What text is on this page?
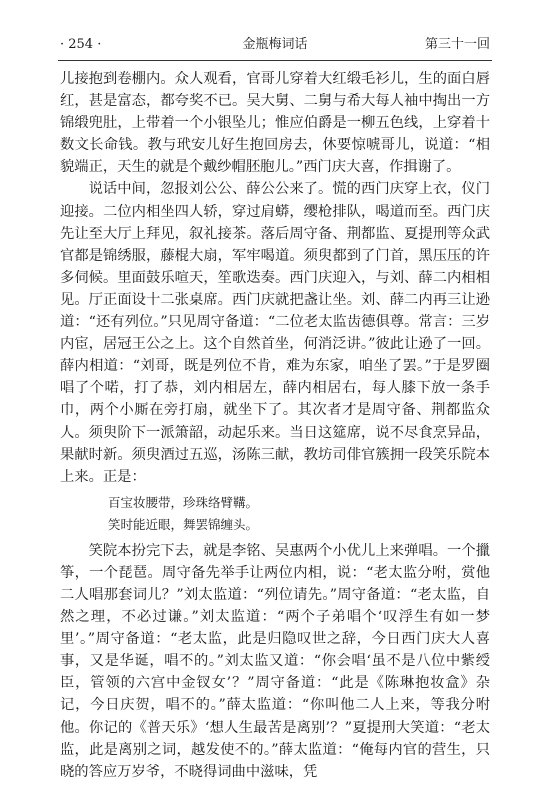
· 254 ·	金瓶梅词话	第三十一回

儿接抱到卷棚内。众人观看，官哥儿穿着大红缎毛衫儿，生的面白唇红，甚是富态，都夸奖不已。吴大舅、二舅与希大每人袖中掏出一方锦缎兜肚，上带着一个小银坠儿；惟应伯爵是一柳五色线，上穿着十数文长命钱。教与玳安儿好生抱回房去，休要惊唬哥儿，说道：“相貌端正，天生的就是个戴纱帽胚胞儿。”西门庆大喜，作揖谢了。

说话中间，忽报刘公公、薛公公来了。慌的西门庆穿上衣，仪门迎接。二位内相坐四人轿，穿过肩蟒，缨枪排队，喝道而至。西门庆先让至大厅上拜见，叙礼接茶。落后周守备、荆都监、夏提刑等众武官都是锦绣服，藤棍大扇，军牢喝道。须臾都到了门首，黑压压的许多伺候。里面鼓乐喧天，笙歌迭奏。西门庆迎入，与刘、薛二内相相见。厅正面设十二张桌席。西门庆就把盏让坐。刘、薛二内再三让逊道：“还有列位。”只见周守备道：“二位老太监齿德俱尊。常言：三岁内宦，居冠王公之上。这个自然首坐，何消泛讲。”彼此让逊了一回。薛内相道：“刘哥，既是列位不肯，难为东家，咱坐了罢。”于是罗圈唱了个喏，打了恭，刘内相居左，薛内相居右，每人膝下放一条手巾，两个小厮在旁打扇，就坐下了。其次者才是周守备、荆都监众人。须臾阶下一派箫韶，动起乐来。当日这筵席，说不尽食烹异品，果献时新。须臾酒过五巡，汤陈三献，教坊司俳官簇拥一段笑乐院本上来。正是：

百宝妆腰带，珍珠络臂鞲。
笑时能近眼，舞罢锦缠头。

笑院本扮完下去，就是李铭、吴惠两个小优儿上来弹唱。一个擸筝，一个琵琶。周守备先举手让两位内相，说：“老太监分咐，赏他二人唱那套词儿？”刘太监道：“列位请先。”周守备道：“老太监，自然之理，不必过谦。”刘太监道：“两个子弟唱个‘叹浮生有如一梦里’。”周守备道：“老太监，此是归隐叹世之辞，今日西门庆大人喜事，又是华诞，唱不的。”刘太监又道：“你会唱‘虽不是八位中紫绶臣，管领的六宫中金钗女’？”周守备道：“此是《陈琳抱妆盒》杂记，今日庆贺，唱不的。”薛太监道：“你叫他二人上来，等我分咐他。你记的《普天乐》‘想人生最苦是离别’？”夏提刑大笑道：“老太监，此是离别之词，越发使不的。”薛太监道：“俺每内官的营生，只晓的答应万岁爷，不晓得词曲中滋味，凭
